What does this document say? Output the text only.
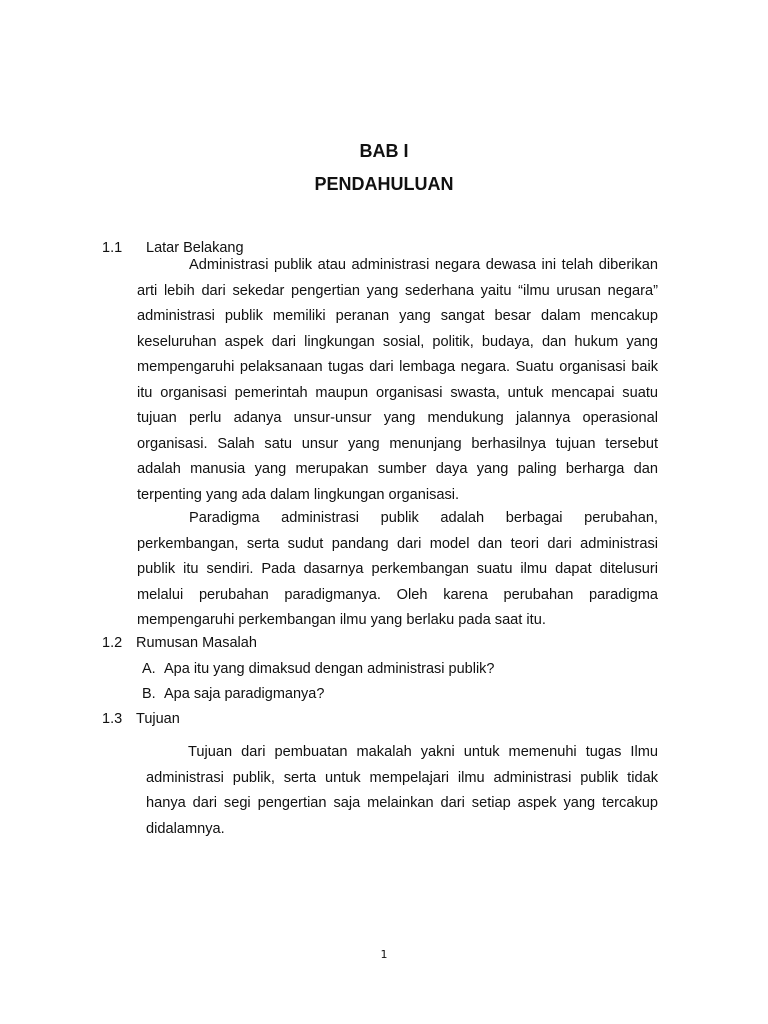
BAB I
PENDAHULUAN
1.1 Latar Belakang

Administrasi publik atau administrasi negara dewasa ini telah diberikan arti lebih dari sekedar pengertian yang sederhana yaitu “ilmu urusan negara” administrasi publik memiliki peranan yang sangat besar dalam mencakup keseluruhan aspek dari lingkungan sosial, politik, budaya, dan hukum yang mempengaruhi pelaksanaan tugas dari lembaga negara. Suatu organisasi baik itu organisasi pemerintah maupun organisasi swasta, untuk mencapai suatu tujuan perlu adanya unsur-unsur yang mendukung jalannya operasional organisasi. Salah satu unsur yang menunjang berhasilnya tujuan tersebut adalah manusia yang merupakan sumber daya yang paling berharga dan terpenting yang ada dalam lingkungan organisasi.

Paradigma administrasi publik adalah berbagai perubahan, perkembangan, serta sudut pandang dari model dan teori dari administrasi publik itu sendiri. Pada dasarnya perkembangan suatu ilmu dapat ditelusuri melalui perubahan paradigmanya. Oleh karena perubahan paradigma mempengaruhi perkembangan ilmu yang berlaku pada saat itu.

1.2 Rumusan Masalah
A. Apa itu yang dimaksud dengan administrasi publik?
B. Apa saja paradigmanya?
1.3 Tujuan

Tujuan dari pembuatan makalah yakni untuk memenuhi tugas Ilmu administrasi publik, serta untuk mempelajari ilmu administrasi publik tidak hanya dari segi pengertian saja melainkan dari setiap aspek yang tercakup didalamnya.

1
